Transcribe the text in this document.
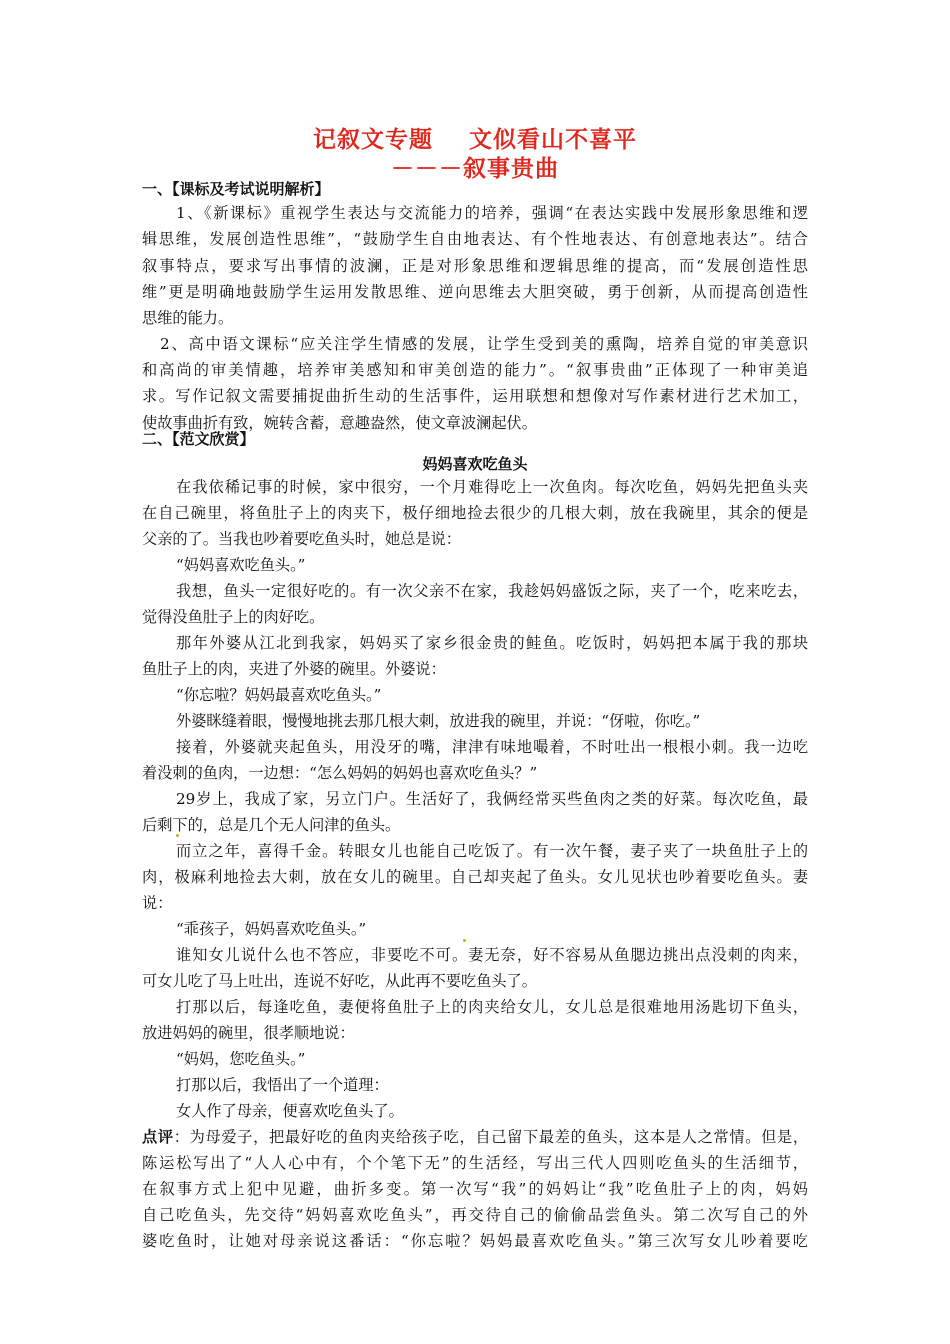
记叙文专题 文似看山不喜平
－－－叙事贵曲
一、【课标及考试说明解析】
二、【范文欣赏】
妈妈喜欢吃鱼头
1、《新课标》重视学生表达与交流能力的培养，强调“在表达实践中发展形象思维和逻
辑思维，发展创造性思维”，“鼓励学生自由地表达、有个性地表达、有创意地表达”。结合
叙事特点，要求写出事情的波澜，正是对形象思维和逻辑思维的提高，而“发展创造性思
维”更是明确地鼓励学生运用发散思维、逆向思维去大胆突破，勇于创新，从而提高创造性
思维的能力。
2、高中语文课标“应关注学生情感的发展，让学生受到美的熏陶，培养自觉的审美意识
和高尚的审美情趣，培养审美感知和审美创造的能力”。“叙事贵曲”正体现了一种审美追
求。写作记叙文需要捕捉曲折生动的生活事件，运用联想和想像对写作素材进行艺术加工，
使故事曲折有致，婉转含蓄，意趣盎然，使文章波澜起伏。
在我依稀记事的时候，家中很穷，一个月难得吃上一次鱼肉。每次吃鱼，妈妈先把鱼头夹
在自己碗里，将鱼肚子上的肉夹下，极仔细地捡去很少的几根大刺，放在我碗里，其余的便是
父亲的了。当我也吵着要吃鱼头时，她总是说：
“妈妈喜欢吃鱼头。”
我想，鱼头一定很好吃的。有一次父亲不在家，我趁妈妈盛饭之际，夹了一个，吃来吃去，
觉得没鱼肚子上的肉好吃。
那年外婆从江北到我家，妈妈买了家乡很金贵的鲑鱼。吃饭时，妈妈把本属于我的那块
鱼肚子上的肉，夹进了外婆的碗里。外婆说：
“你忘啦？妈妈最喜欢吃鱼头。”
外婆眯缝着眼，慢慢地挑去那几根大刺，放进我的碗里，并说：“伢啦，你吃。”
接着，外婆就夹起鱼头，用没牙的嘴，津津有味地嘬着，不时吐出一根根小刺。我一边吃
着没刺的鱼肉，一边想：“怎么妈妈的妈妈也喜欢吃鱼头？”
29岁上，我成了家，另立门户。生活好了，我俩经常买些鱼肉之类的好菜。每次吃鱼，最
后剩下的，总是几个无人问津的鱼头。
而立之年，喜得千金。转眼女儿也能自己吃饭了。有一次午餐，妻子夹了一块鱼肚子上的
肉，极麻利地捡去大刺，放在女儿的碗里。自己却夹起了鱼头。女儿见状也吵着要吃鱼头。妻
说：
“乖孩子，妈妈喜欢吃鱼头。”
谁知女儿说什么也不答应，非要吃不可。妻无奈，好不容易从鱼腮边挑出点没刺的肉来，
可女儿吃了马上吐出，连说不好吃，从此再不要吃鱼头了。
打那以后，每逢吃鱼，妻便将鱼肚子上的肉夹给女儿，女儿总是很难地用汤匙切下鱼头，
放进妈妈的碗里，很孝顺地说：
“妈妈，您吃鱼头。”
打那以后，我悟出了一个道理：
女人作了母亲，便喜欢吃鱼头了。
点评：为母爱子，把最好吃的鱼肉夹给孩子吃，自己留下最差的鱼头，这本是人之常情。但是，
陈运松写出了“人人心中有，个个笔下无”的生活经，写出三代人四则吃鱼头的生活细节，
在叙事方式上犯中见避，曲折多变。第一次写“我”的妈妈让“我”吃鱼肚子上的肉，妈妈
自己吃鱼头，先交待“妈妈喜欢吃鱼头”，再交待自己的偷偷品尝鱼头。第二次写自己的外
婆吃鱼时，让她对母亲说这番话：“你忘啦？妈妈最喜欢吃鱼头。”第三次写女儿吵着要吃
